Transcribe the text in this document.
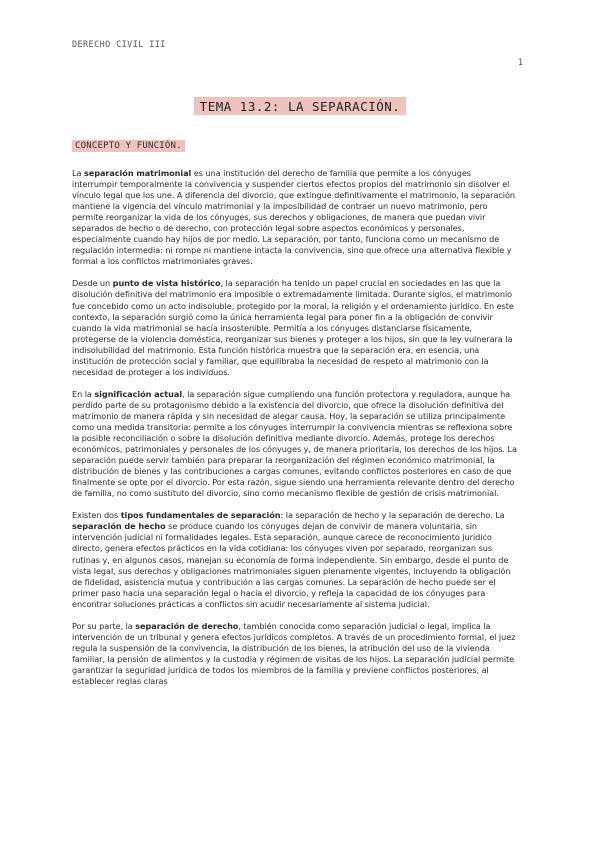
DERECHO CIVIL III
1
TEMA 13.2: LA SEPARACIÓN.
CONCEPTO Y FUNCIÓN.

La separación matrimonial es una institución del derecho de familia que permite a los cónyuges interrumpir temporalmente la convivencia y suspender ciertos efectos propios del matrimonio sin disolver el vínculo legal que los une. A diferencia del divorcio, que extingue definitivamente el matrimonio, la separación mantiene la vigencia del vínculo matrimonial y la imposibilidad de contraer un nuevo matrimonio, pero permite reorganizar la vida de los cónyuges, sus derechos y obligaciones, de manera que puedan vivir separados de hecho o de derecho, con protección legal sobre aspectos económicos y personales, especialmente cuando hay hijos de por medio. La separación, por tanto, funciona como un mecanismo de regulación intermedia: ni rompe ni mantiene intacta la convivencia, sino que ofrece una alternativa flexible y formal a los conflictos matrimoniales graves.

Desde un punto de vista histórico, la separación ha tenido un papel crucial en sociedades en las que la disolución definitiva del matrimonio era imposible o extremadamente limitada. Durante siglos, el matrimonio fue concebido como un acto indisoluble, protegido por la moral, la religión y el ordenamiento jurídico. En este contexto, la separación surgió como la única herramienta legal para poner fin a la obligación de convivir cuando la vida matrimonial se hacía insostenible. Permitía a los cónyuges distanciarse físicamente, protegerse de la violencia doméstica, reorganizar sus bienes y proteger a los hijos, sin que la ley vulnerara la indisolubilidad del matrimonio. Esta función histórica muestra que la separación era, en esencia, una institución de protección social y familiar, que equilibraba la necesidad de respeto al matrimonio con la necesidad de proteger a los individuos.

En la significación actual, la separación sigue cumpliendo una función protectora y reguladora, aunque ha perdido parte de su protagonismo debido a la existencia del divorcio, que ofrece la disolución definitiva del matrimonio de manera rápida y sin necesidad de alegar causa. Hoy, la separación se utiliza principalmente como una medida transitoria: permite a los cónyuges interrumpir la convivencia mientras se reflexiona sobre la posible reconciliación o sobre la disolución definitiva mediante divorcio. Además, protege los derechos económicos, patrimoniales y personales de los cónyuges y, de manera prioritaria, los derechos de los hijos. La separación puede servir también para preparar la reorganización del régimen económico matrimonial, la distribución de bienes y las contribuciones a cargas comunes, evitando conflictos posteriores en caso de que finalmente se opte por el divorcio. Por esta razón, sigue siendo una herramienta relevante dentro del derecho de familia, no como sustituto del divorcio, sino como mecanismo flexible de gestión de crisis matrimonial.

Existen dos tipos fundamentales de separación: la separación de hecho y la separación de derecho. La separación de hecho se produce cuando los cónyuges dejan de convivir de manera voluntaria, sin intervención judicial ni formalidades legales. Esta separación, aunque carece de reconocimiento jurídico directo, genera efectos prácticos en la vida cotidiana: los cónyuges viven por separado, reorganizan sus rutinas y, en algunos casos, manejan su economía de forma independiente. Sin embargo, desde el punto de vista legal, sus derechos y obligaciones matrimoniales siguen plenamente vigentes, incluyendo la obligación de fidelidad, asistencia mutua y contribución a las cargas comunes. La separación de hecho puede ser el primer paso hacia una separación legal o hacia el divorcio, y refleja la capacidad de los cónyuges para encontrar soluciones prácticas a conflictos sin acudir necesariamente al sistema judicial.

Por su parte, la separación de derecho, también conocida como separación judicial o legal, implica la intervención de un tribunal y genera efectos jurídicos completos. A través de un procedimiento formal, el juez regula la suspensión de la convivencia, la distribución de los bienes, la atribución del uso de la vivienda familiar, la pensión de alimentos y la custodia y régimen de visitas de los hijos. La separación judicial permite garantizar la seguridad jurídica de todos los miembros de la familia y previene conflictos posteriores, al establecer reglas claras
